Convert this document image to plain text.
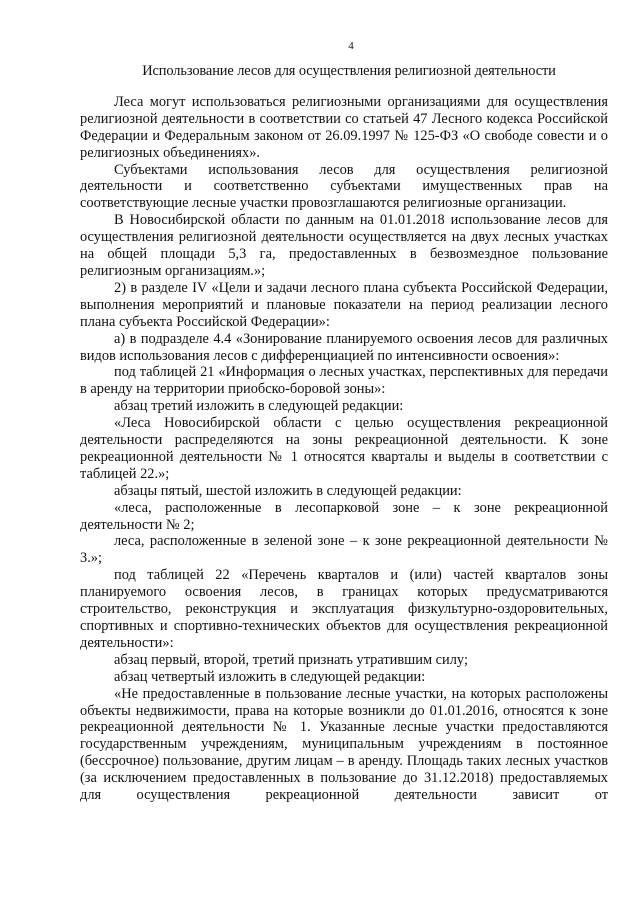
4
Использование лесов для осуществления религиозной деятельности

Леса могут использоваться религиозными организациями для осуществления религиозной деятельности в соответствии со статьей 47 Лесного кодекса Российской Федерации и Федеральным законом от 26.09.1997 № 125-ФЗ «О свободе совести и о религиозных объединениях».

Субъектами использования лесов для осуществления религиозной деятельности и соответственно субъектами имущественных прав на соответствующие лесные участки провозглашаются религиозные организации.

В Новосибирской области по данным на 01.01.2018 использование лесов для осуществления религиозной деятельности осуществляется на двух лесных участках на общей площади 5,3 га, предоставленных в безвозмездное пользование религиозным организациям.»;

2) в разделе IV «Цели и задачи лесного плана субъекта Российской Федерации, выполнения мероприятий и плановые показатели на период реализации лесного плана субъекта Российской Федерации»:

а) в подразделе 4.4 «Зонирование планируемого освоения лесов для различных видов использования лесов с дифференциацией по интенсивности освоения»:

под таблицей 21 «Информация о лесных участках, перспективных для передачи в аренду на территории приобско-боровой зоны»:

абзац третий изложить в следующей редакции:

«Леса Новосибирской области с целью осуществления рекреационной деятельности распределяются на зоны рекреационной деятельности. К зоне рекреационной деятельности № 1 относятся кварталы и выделы в соответствии с таблицей 22.»;

абзацы пятый, шестой изложить в следующей редакции:

«леса, расположенные в лесопарковой зоне – к зоне рекреационной деятельности № 2;

леса, расположенные в зеленой зоне – к зоне рекреационной деятельности № 3.»;

под таблицей 22 «Перечень кварталов и (или) частей кварталов зоны планируемого освоения лесов, в границах которых предусматриваются строительство, реконструкция и эксплуатация физкультурно-оздоровительных, спортивных и спортивно-технических объектов для осуществления рекреационной деятельности»:

абзац первый, второй, третий признать утратившим силу;

абзац четвертый изложить в следующей редакции:

«Не предоставленные в пользование лесные участки, на которых расположены объекты недвижимости, права на которые возникли до 01.01.2016, относятся к зоне рекреационной деятельности № 1. Указанные лесные участки предоставляются государственным учреждениям, муниципальным учреждениям в постоянное (бессрочное) пользование, другим лицам – в аренду. Площадь таких лесных участков (за исключением предоставленных в пользование до 31.12.2018) предоставляемых для осуществления рекреационной деятельности зависит от
